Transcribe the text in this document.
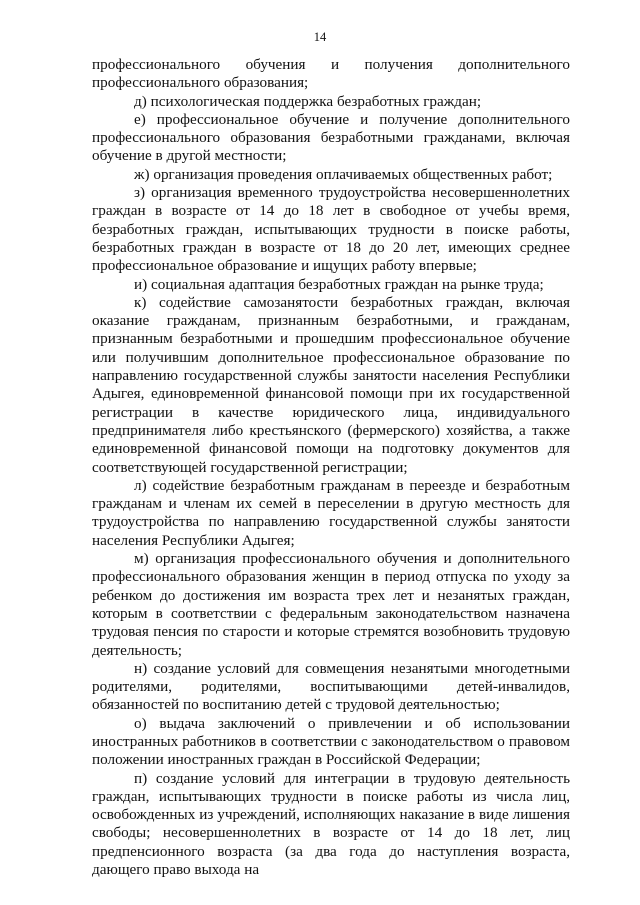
14

профессионального обучения и получения дополнительного профессионального образования;

д) психологическая поддержка безработных граждан;

е) профессиональное обучение и получение дополнительного профессионального образования безработными гражданами, включая обучение в другой местности;

ж) организация проведения оплачиваемых общественных работ;

з) организация временного трудоустройства несовершеннолетних граждан в возрасте от 14 до 18 лет в свободное от учебы время, безработных граждан, испытывающих трудности в поиске работы, безработных граждан в возрасте от 18 до 20 лет, имеющих среднее профессиональное образование и ищущих работу впервые;

и) социальная адаптация безработных граждан на рынке труда;

к) содействие самозанятости безработных граждан, включая оказание гражданам, признанным безработными, и гражданам, признанным безработными и прошедшим профессиональное обучение или получившим дополнительное профессиональное образование по направлению государственной службы занятости населения Республики Адыгея, единовременной финансовой помощи при их государственной регистрации в качестве юридического лица, индивидуального предпринимателя либо крестьянского (фермерского) хозяйства, а также единовременной финансовой помощи на подготовку документов для соответствующей государственной регистрации;

л) содействие безработным гражданам в переезде и безработным гражданам и членам их семей в переселении в другую местность для трудоустройства по направлению государственной службы занятости населения Республики Адыгея;

м) организация профессионального обучения и дополнительного профессионального образования женщин в период отпуска по уходу за ребенком до достижения им возраста трех лет и незанятых граждан, которым в соответствии с федеральным законодательством назначена трудовая пенсия по старости и которые стремятся возобновить трудовую деятельность;

н) создание условий для совмещения незанятыми многодетными родителями, родителями, воспитывающими детей-инвалидов, обязанностей по воспитанию детей с трудовой деятельностью;

о) выдача заключений о привлечении и об использовании иностранных работников в соответствии с законодательством о правовом положении иностранных граждан в Российской Федерации;

п) создание условий для интеграции в трудовую деятельность граждан, испытывающих трудности в поиске работы из числа лиц, освобожденных из учреждений, исполняющих наказание в виде лишения свободы; несовершеннолетних в возрасте от 14 до 18 лет, лиц предпенсионного возраста (за два года до наступления возраста, дающего право выхода на
